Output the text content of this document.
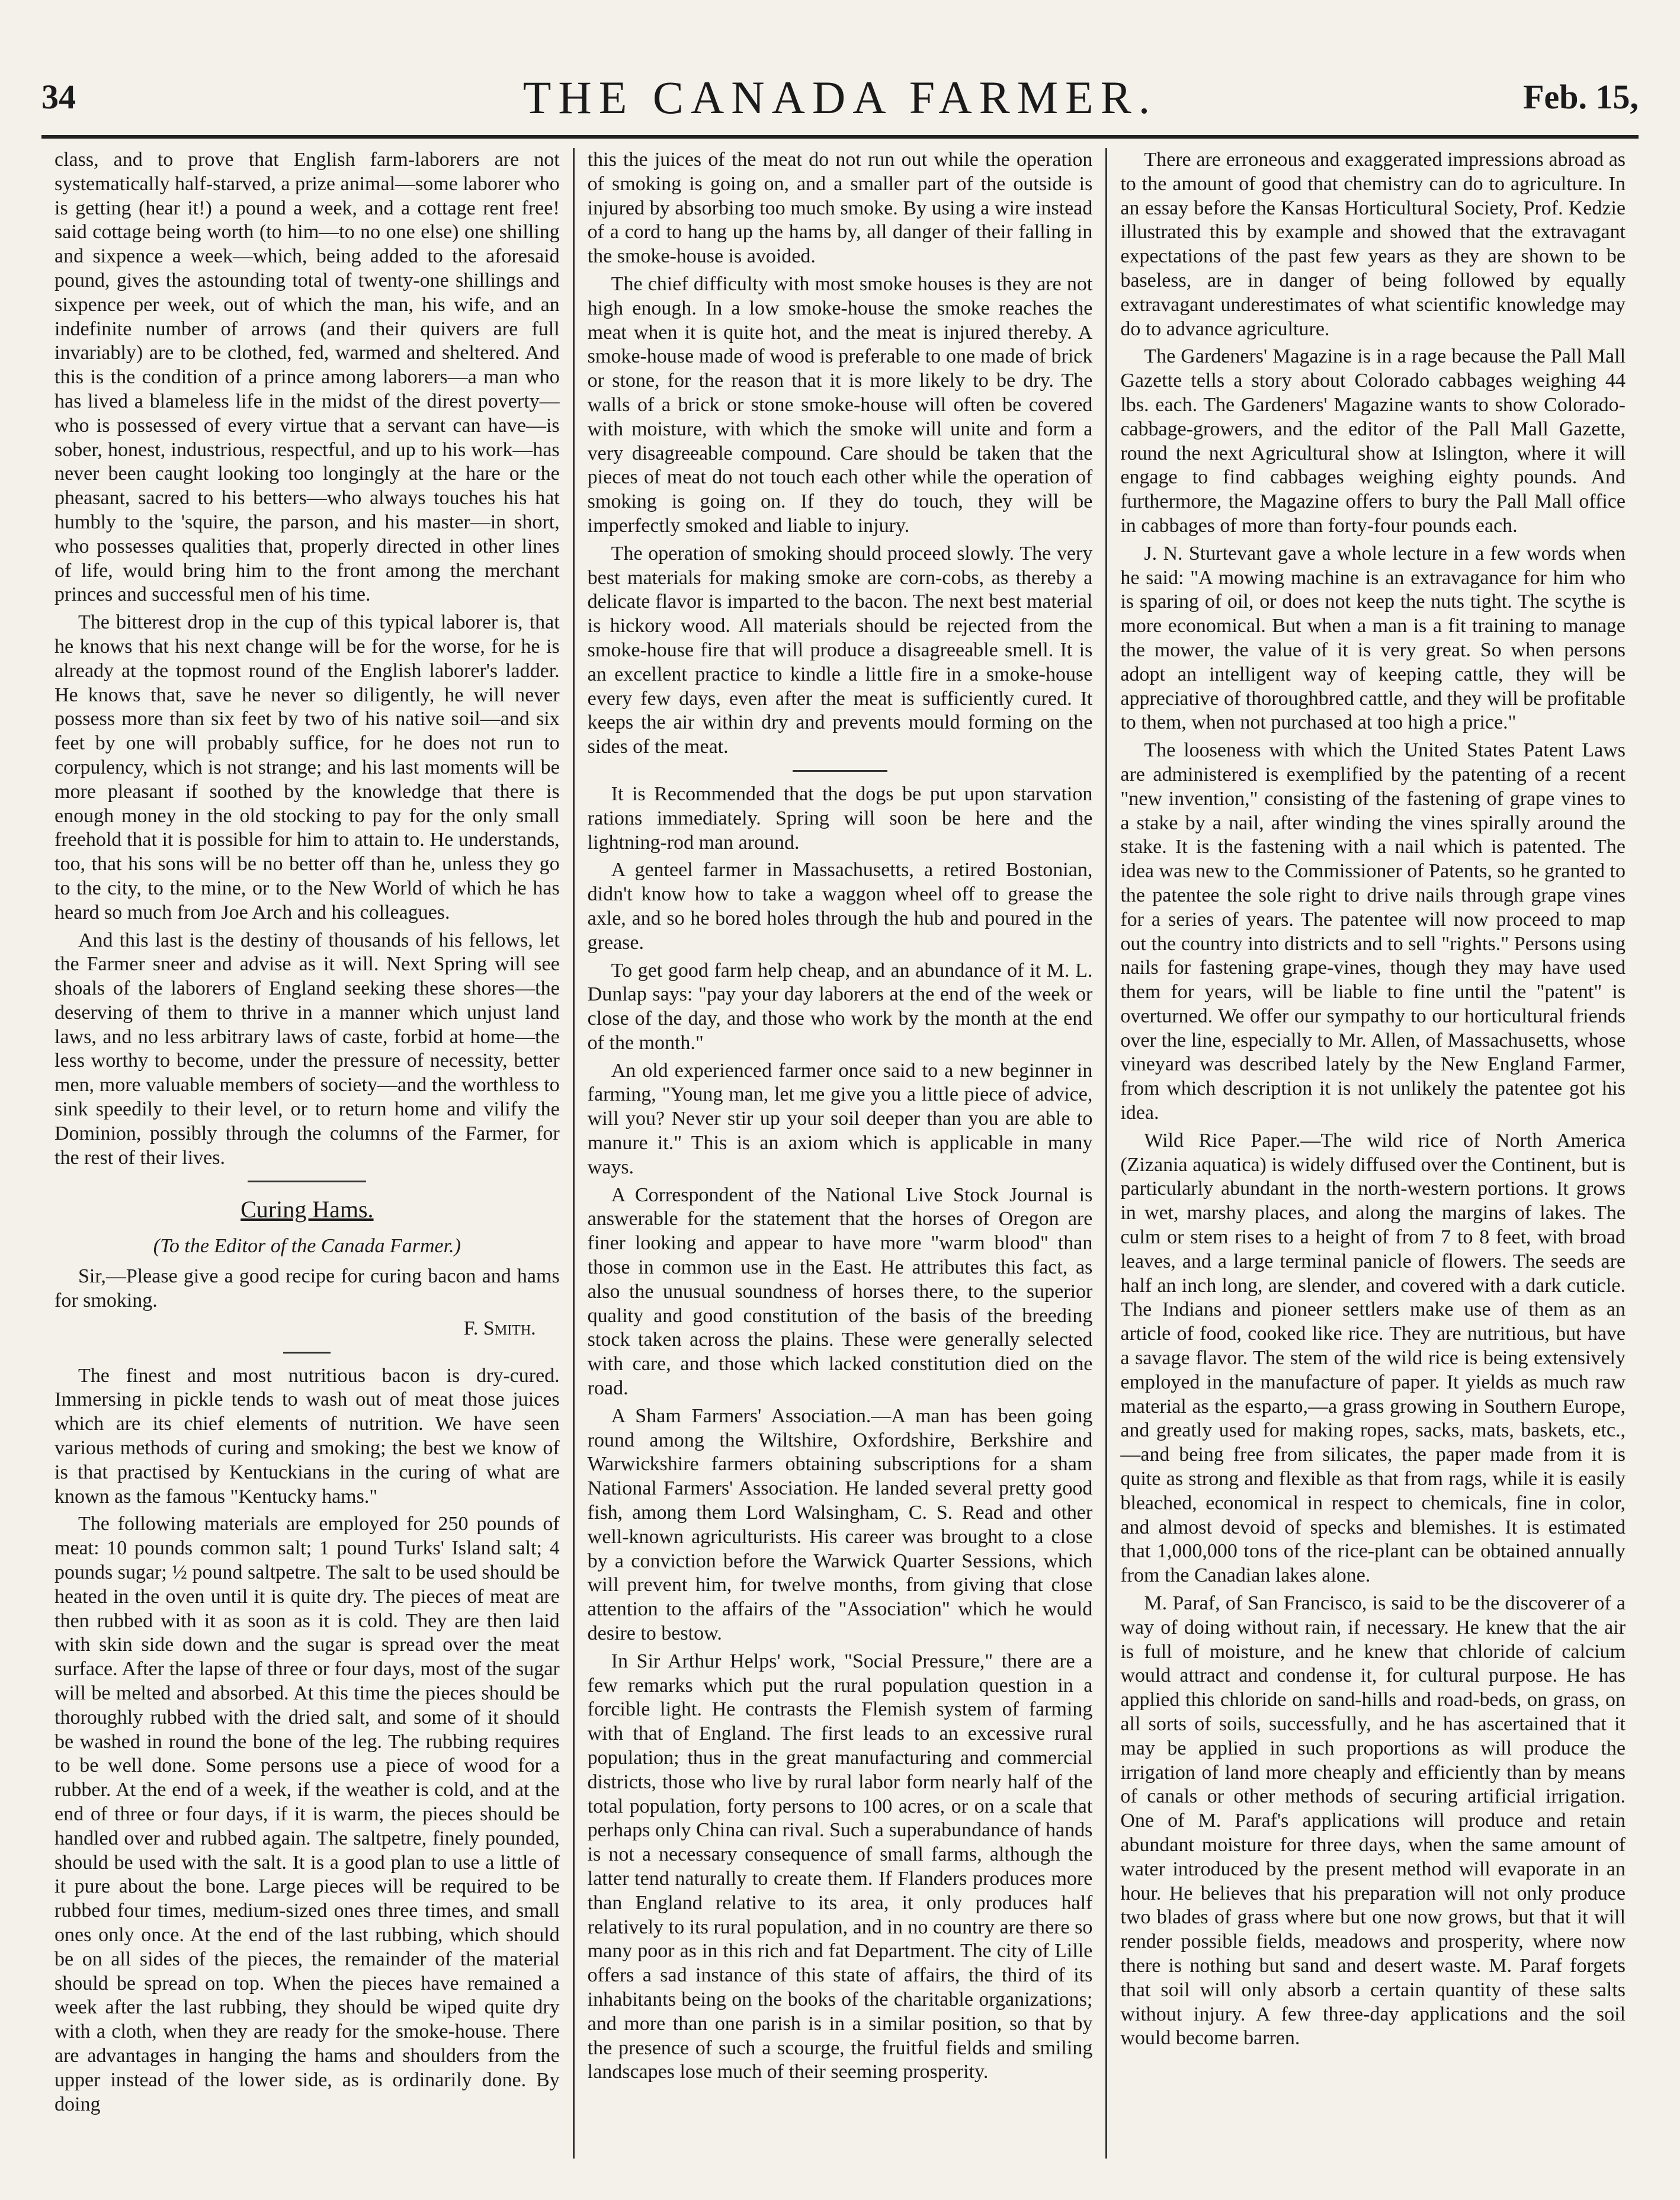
34	THE CANADA FARMER.	Feb. 15,

class, and to prove that English farm-laborers are not systematically half-starved, a prize animal—some laborer who is getting (hear it!) a pound a week, and a cottage rent free! said cottage being worth (to him—to no one else) one shilling and sixpence a week—which, being added to the aforesaid pound, gives the astounding total of twenty-one shillings and sixpence per week, out of which the man, his wife, and an indefinite number of arrows (and their quivers are full invariably) are to be clothed, fed, warmed and sheltered. And this is the condition of a prince among laborers—a man who has lived a blameless life in the midst of the direst poverty—who is possessed of every virtue that a servant can have—is sober, honest, industrious, respectful, and up to his work—has never been caught looking too longingly at the hare or the pheasant, sacred to his betters—who always touches his hat humbly to the 'squire, the parson, and his master—in short, who possesses qualities that, properly directed in other lines of life, would bring him to the front among the merchant princes and successful men of his time.

The bitterest drop in the cup of this typical laborer is, that he knows that his next change will be for the worse, for he is already at the topmost round of the English laborer's ladder. He knows that, save he never so diligently, he will never possess more than six feet by two of his native soil—and six feet by one will probably suffice, for he does not run to corpulency, which is not strange; and his last moments will be more pleasant if soothed by the knowledge that there is enough money in the old stocking to pay for the only small freehold that it is possible for him to attain to. He understands, too, that his sons will be no better off than he, unless they go to the city, to the mine, or to the New World of which he has heard so much from Joe Arch and his colleagues.

And this last is the destiny of thousands of his fellows, let the Farmer sneer and advise as it will. Next Spring will see shoals of the laborers of England seeking these shores—the deserving of them to thrive in a manner which unjust land laws, and no less arbitrary laws of caste, forbid at home—the less worthy to become, under the pressure of necessity, better men, more valuable members of society—and the worthless to sink speedily to their level, or to return home and vilify the Dominion, possibly through the columns of the Farmer, for the rest of their lives.

Curing Hams.
(To the Editor of the Canada Farmer.)

Sir,—Please give a good recipe for curing bacon and hams for smoking.

F. Smith.

The finest and most nutritious bacon is dry-cured. Immersing in pickle tends to wash out of meat those juices which are its chief elements of nutrition. We have seen various methods of curing and smoking; the best we know of is that practised by Kentuckians in the curing of what are known as the famous "Kentucky hams."

The following materials are employed for 250 pounds of meat: 10 pounds common salt; 1 pound Turks' Island salt; 4 pounds sugar; ½ pound saltpetre. The salt to be used should be heated in the oven until it is quite dry. The pieces of meat are then rubbed with it as soon as it is cold. They are then laid with skin side down and the sugar is spread over the meat surface. After the lapse of three or four days, most of the sugar will be melted and absorbed. At this time the pieces should be thoroughly rubbed with the dried salt, and some of it should be washed in round the bone of the leg. The rubbing requires to be well done. Some persons use a piece of wood for a rubber. At the end of a week, if the weather is cold, and at the end of three or four days, if it is warm, the pieces should be handled over and rubbed again. The saltpetre, finely pounded, should be used with the salt. It is a good plan to use a little of it pure about the bone. Large pieces will be required to be rubbed four times, medium-sized ones three times, and small ones only once. At the end of the last rubbing, which should be on all sides of the pieces, the remainder of the material should be spread on top. When the pieces have remained a week after the last rubbing, they should be wiped quite dry with a cloth, when they are ready for the smoke-house. There are advantages in hanging the hams and shoulders from the upper instead of the lower side, as is ordinarily done. By doing

this the juices of the meat do not run out while the operation of smoking is going on, and a smaller part of the outside is injured by absorbing too much smoke. By using a wire instead of a cord to hang up the hams by, all danger of their falling in the smoke-house is avoided.

The chief difficulty with most smoke houses is they are not high enough. In a low smoke-house the smoke reaches the meat when it is quite hot, and the meat is injured thereby. A smoke-house made of wood is preferable to one made of brick or stone, for the reason that it is more likely to be dry. The walls of a brick or stone smoke-house will often be covered with moisture, with which the smoke will unite and form a very disagreeable compound. Care should be taken that the pieces of meat do not touch each other while the operation of smoking is going on. If they do touch, they will be imperfectly smoked and liable to injury.

The operation of smoking should proceed slowly. The very best materials for making smoke are corn-cobs, as thereby a delicate flavor is imparted to the bacon. The next best material is hickory wood. All materials should be rejected from the smoke-house fire that will produce a disagreeable smell. It is an excellent practice to kindle a little fire in a smoke-house every few days, even after the meat is sufficiently cured. It keeps the air within dry and prevents mould forming on the sides of the meat.

It is Recommended that the dogs be put upon starvation rations immediately. Spring will soon be here and the lightning-rod man around.

A genteel farmer in Massachusetts, a retired Bostonian, didn't know how to take a waggon wheel off to grease the axle, and so he bored holes through the hub and poured in the grease.

To get good farm help cheap, and an abundance of it M. L. Dunlap says: "pay your day laborers at the end of the week or close of the day, and those who work by the month at the end of the month."

An old experienced farmer once said to a new beginner in farming, "Young man, let me give you a little piece of advice, will you? Never stir up your soil deeper than you are able to manure it." This is an axiom which is applicable in many ways.

A Correspondent of the National Live Stock Journal is answerable for the statement that the horses of Oregon are finer looking and appear to have more "warm blood" than those in common use in the East. He attributes this fact, as also the unusual soundness of horses there, to the superior quality and good constitution of the basis of the breeding stock taken across the plains. These were generally selected with care, and those which lacked constitution died on the road.

A Sham Farmers' Association.—A man has been going round among the Wiltshire, Oxfordshire, Berkshire and Warwickshire farmers obtaining subscriptions for a sham National Farmers' Association. He landed several pretty good fish, among them Lord Walsingham, C. S. Read and other well-known agriculturists. His career was brought to a close by a conviction before the Warwick Quarter Sessions, which will prevent him, for twelve months, from giving that close attention to the affairs of the "Association" which he would desire to bestow.

In Sir Arthur Helps' work, "Social Pressure," there are a few remarks which put the rural population question in a forcible light. He contrasts the Flemish system of farming with that of England. The first leads to an excessive rural population; thus in the great manufacturing and commercial districts, those who live by rural labor form nearly half of the total population, forty persons to 100 acres, or on a scale that perhaps only China can rival. Such a superabundance of hands is not a necessary consequence of small farms, although the latter tend naturally to create them. If Flanders produces more than England relative to its area, it only produces half relatively to its rural population, and in no country are there so many poor as in this rich and fat Department. The city of Lille offers a sad instance of this state of affairs, the third of its inhabitants being on the books of the charitable organizations; and more than one parish is in a similar position, so that by the presence of such a scourge, the fruitful fields and smiling landscapes lose much of their seeming prosperity.

There are erroneous and exaggerated impressions abroad as to the amount of good that chemistry can do to agriculture. In an essay before the Kansas Horticultural Society, Prof. Kedzie illustrated this by example and showed that the extravagant expectations of the past few years as they are shown to be baseless, are in danger of being followed by equally extravagant underestimates of what scientific knowledge may do to advance agriculture.

The Gardeners' Magazine is in a rage because the Pall Mall Gazette tells a story about Colorado cabbages weighing 44 lbs. each. The Gardeners' Magazine wants to show Colorado-cabbage-growers, and the editor of the Pall Mall Gazette, round the next Agricultural show at Islington, where it will engage to find cabbages weighing eighty pounds. And furthermore, the Magazine offers to bury the Pall Mall office in cabbages of more than forty-four pounds each.

J. N. Sturtevant gave a whole lecture in a few words when he said: "A mowing machine is an extravagance for him who is sparing of oil, or does not keep the nuts tight. The scythe is more economical. But when a man is a fit training to manage the mower, the value of it is very great. So when persons adopt an intelligent way of keeping cattle, they will be appreciative of thoroughbred cattle, and they will be profitable to them, when not purchased at too high a price."

The looseness with which the United States Patent Laws are administered is exemplified by the patenting of a recent "new invention," consisting of the fastening of grape vines to a stake by a nail, after winding the vines spirally around the stake. It is the fastening with a nail which is patented. The idea was new to the Commissioner of Patents, so he granted to the patentee the sole right to drive nails through grape vines for a series of years. The patentee will now proceed to map out the country into districts and to sell "rights." Persons using nails for fastening grape-vines, though they may have used them for years, will be liable to fine until the "patent" is overturned. We offer our sympathy to our horticultural friends over the line, especially to Mr. Allen, of Massachusetts, whose vineyard was described lately by the New England Farmer, from which description it is not unlikely the patentee got his idea.

Wild Rice Paper.—The wild rice of North America (Zizania aquatica) is widely diffused over the Continent, but is particularly abundant in the north-western portions. It grows in wet, marshy places, and along the margins of lakes. The culm or stem rises to a height of from 7 to 8 feet, with broad leaves, and a large terminal panicle of flowers. The seeds are half an inch long, are slender, and covered with a dark cuticle. The Indians and pioneer settlers make use of them as an article of food, cooked like rice. They are nutritious, but have a savage flavor. The stem of the wild rice is being extensively employed in the manufacture of paper. It yields as much raw material as the esparto,—a grass growing in Southern Europe, and greatly used for making ropes, sacks, mats, baskets, etc.,—and being free from silicates, the paper made from it is quite as strong and flexible as that from rags, while it is easily bleached, economical in respect to chemicals, fine in color, and almost devoid of specks and blemishes. It is estimated that 1,000,000 tons of the rice-plant can be obtained annually from the Canadian lakes alone.

M. Paraf, of San Francisco, is said to be the discoverer of a way of doing without rain, if necessary. He knew that the air is full of moisture, and he knew that chloride of calcium would attract and condense it, for cultural purpose. He has applied this chloride on sand-hills and road-beds, on grass, on all sorts of soils, successfully, and he has ascertained that it may be applied in such proportions as will produce the irrigation of land more cheaply and efficiently than by means of canals or other methods of securing artificial irrigation. One of M. Paraf's applications will produce and retain abundant moisture for three days, when the same amount of water introduced by the present method will evaporate in an hour. He believes that his preparation will not only produce two blades of grass where but one now grows, but that it will render possible fields, meadows and prosperity, where now there is nothing but sand and desert waste. M. Paraf forgets that soil will only absorb a certain quantity of these salts without injury. A few three-day applications and the soil would become barren.
